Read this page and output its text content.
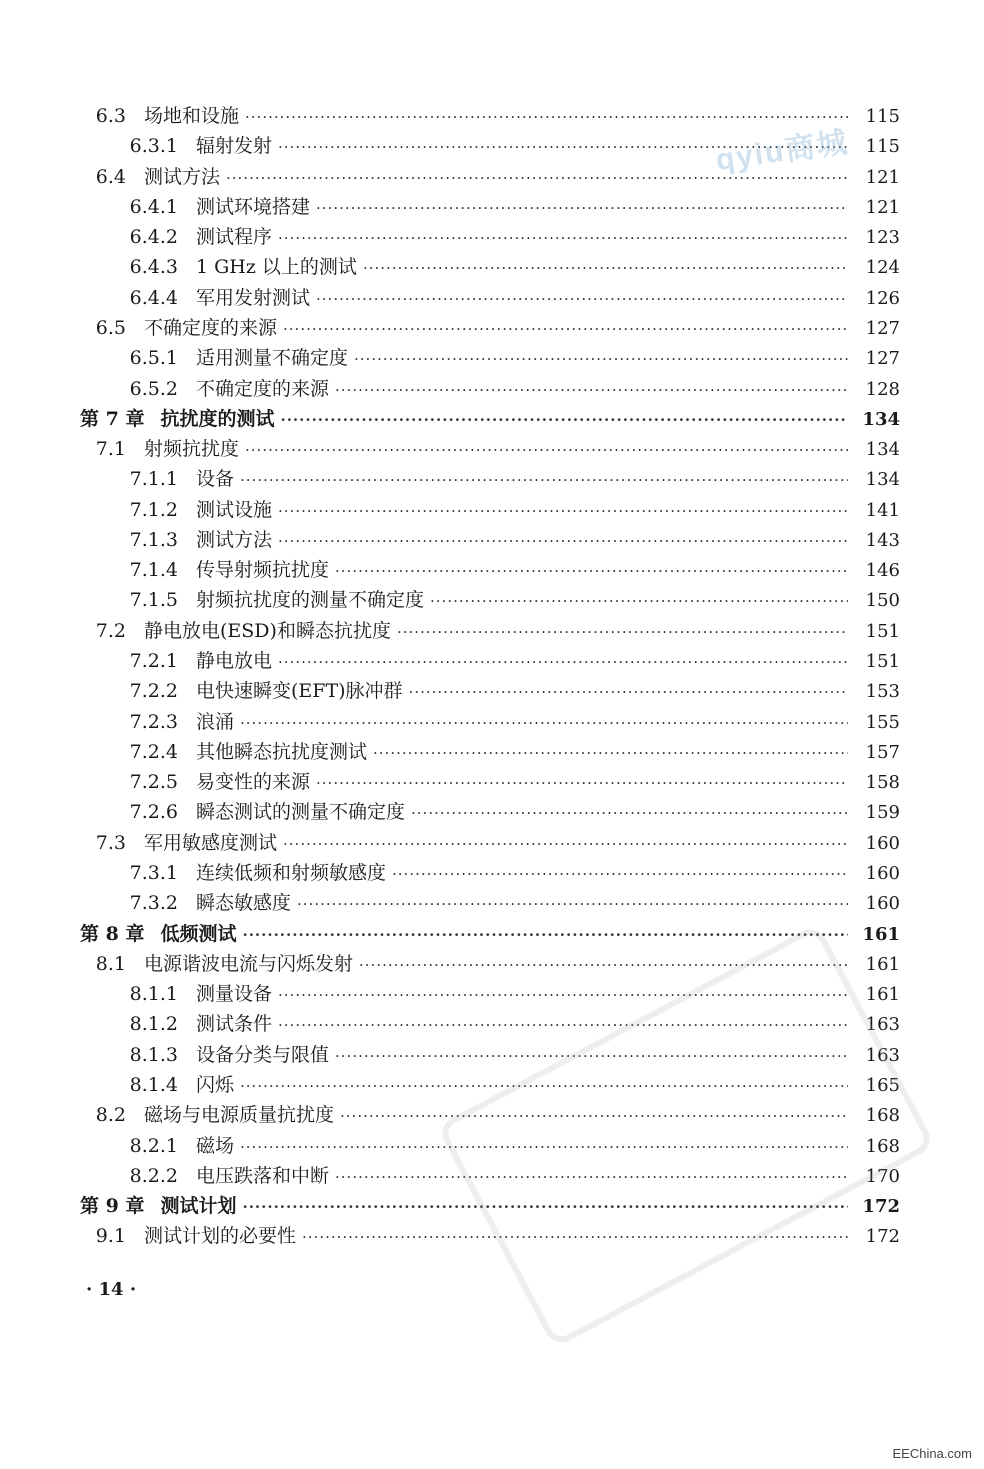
6.3 场地和设施 ·····	115
6.3.1 辐射发射 ·····	115
6.4 测试方法 ·····	121
6.4.1 测试环境搭建 ·····	121
6.4.2 测试程序 ·····	123
6.4.3 1 GHz 以上的测试 ·····	124
6.4.4 军用发射测试 ·····	126
6.5 不确定度的来源 ·····	127
6.5.1 适用测量不确定度 ·····	127
6.5.2 不确定度的来源 ·····	128
第 7 章 抗扰度的测试 ·····	134
7.1 射频抗扰度 ·····	134
7.1.1 设备 ·····	134
7.1.2 测试设施 ·····	141
7.1.3 测试方法 ·····	143
7.1.4 传导射频抗扰度 ·····	146
7.1.5 射频抗扰度的测量不确定度 ·····	150
7.2 静电放电(ESD)和瞬态抗扰度 ·····	151
7.2.1 静电放电 ·····	151
7.2.2 电快速瞬变(EFT)脉冲群 ·····	153
7.2.3 浪涌 ·····	155
7.2.4 其他瞬态抗扰度测试 ·····	157
7.2.5 易变性的来源 ·····	158
7.2.6 瞬态测试的测量不确定度 ·····	159
7.3 军用敏感度测试 ·····	160
7.3.1 连续低频和射频敏感度 ·····	160
7.3.2 瞬态敏感度 ·····	160
第 8 章 低频测试 ·····	161
8.1 电源谐波电流与闪烁发射 ·····	161
8.1.1 测量设备 ·····	161
8.1.2 测试条件 ·····	163
8.1.3 设备分类与限值 ·····	163
8.1.4 闪烁 ·····	165
8.2 磁场与电源质量抗扰度 ·····	168
8.2.1 磁场 ·····	168
8.2.2 电压跌落和中断 ·····	170
第 9 章 测试计划 ·····	172
9.1 测试计划的必要性 ·····	172
· 14 ·
EEChina.com
qyiu商城
